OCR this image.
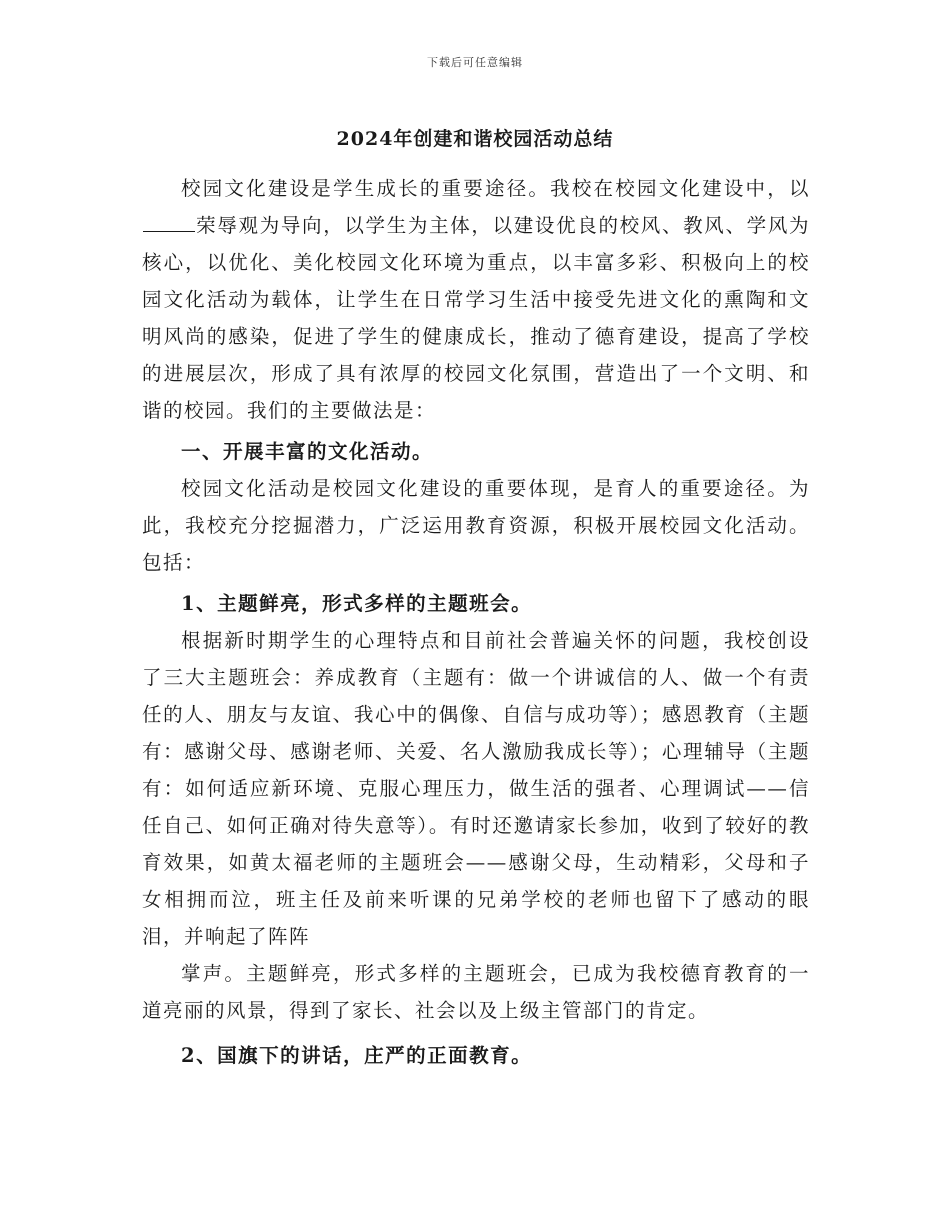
下载后可任意编辑
2024年创建和谐校园活动总结

校园文化建设是学生成长的重要途径。我校在校园文化建设中，以荣辱观为导向，以学生为主体，以建设优良的校风、教风、学风为核心，以优化、美化校园文化环境为重点，以丰富多彩、积极向上的校园文化活动为载体，让学生在日常学习生活中接受先进文化的熏陶和文明风尚的感染，促进了学生的健康成长，推动了德育建设，提高了学校的进展层次，形成了具有浓厚的校园文化氛围，营造出了一个文明、和谐的校园。我们的主要做法是：

一、开展丰富的文化活动。

校园文化活动是校园文化建设的重要体现，是育人的重要途径。为此，我校充分挖掘潜力，广泛运用教育资源，积极开展校园文化活动。包括：

1、主题鲜亮，形式多样的主题班会。

根据新时期学生的心理特点和目前社会普遍关怀的问题，我校创设了三大主题班会：养成教育（主题有：做一个讲诚信的人、做一个有责任的人、朋友与友谊、我心中的偶像、自信与成功等）；感恩教育（主题有：感谢父母、感谢老师、关爱、名人激励我成长等）；心理辅导（主题有：如何适应新环境、克服心理压力，做生活的强者、心理调试——信任自己、如何正确对待失意等）。有时还邀请家长参加，收到了较好的教育效果，如黄太福老师的主题班会——感谢父母，生动精彩，父母和子女相拥而泣，班主任及前来听课的兄弟学校的老师也留下了感动的眼泪，并响起了阵阵

掌声。主题鲜亮，形式多样的主题班会，已成为我校德育教育的一道亮丽的风景，得到了家长、社会以及上级主管部门的肯定。

2、国旗下的讲话，庄严的正面教育。
